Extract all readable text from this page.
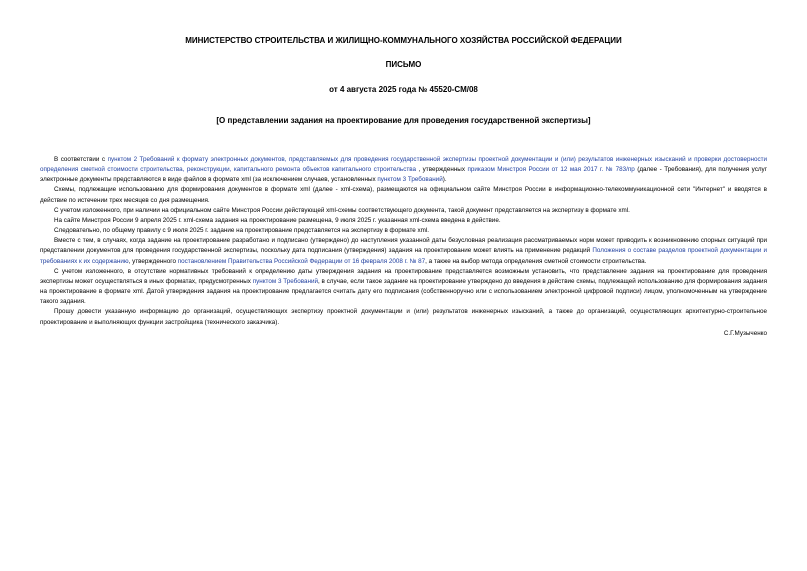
МИНИСТЕРСТВО СТРОИТЕЛЬСТВА И ЖИЛИЩНО-КОММУНАЛЬНОГО ХОЗЯЙСТВА РОССИЙСКОЙ ФЕДЕРАЦИИ
ПИСЬМО
от 4 августа 2025 года № 45520-СМ/08
[О представлении задания на проектирование для проведения государственной экспертизы]

В соответствии с пунктом 2 Требований к формату электронных документов, представляемых для проведения государственной экспертизы проектной документации и (или) результатов инженерных изысканий и проверки достоверности определения сметной стоимости строительства, реконструкции, капитального ремонта объектов капитального строительства , утвержденных приказом Минстроя России от 12 мая 2017 г. № 783/пр (далее - Требования), для получения услуг электронные документы представляются в виде файлов в формате xml (за исключением случаев, установленных пунктом 3 Требований).

Схемы, подлежащие использованию для формирования документов в формате xml (далее - xml-схема), размещаются на официальном сайте Минстроя России в информационно-телекоммуникационной сети "Интернет" и вводятся в действие по истечении трех месяцев со дня размещения.

С учетом изложенного, при наличии на официальном сайте Минстроя России действующей xml-схемы соответствующего документа, такой документ представляется на экспертизу в формате xml.

На сайте Минстроя России 9 апреля 2025 г. xml-схема задания на проектирование размещена, 9 июля 2025 г. указанная xml-схема введена в действие.

Следовательно, по общему правилу с 9 июля 2025 г. задание на проектирование представляется на экспертизу в формате xml.

Вместе с тем, в случаях, когда задание на проектирование разработано и подписано (утверждено) до наступления указанной даты безусловная реализация рассматриваемых норм может приводить к возникновению спорных ситуаций при представлении документов для проведения государственной экспертизы, поскольку дата подписания (утверждения) задания на проектирование может влиять на применение редакций Положения о составе разделов проектной документации и требованиях к их содержанию, утвержденного постановлением Правительства Российской Федерации от 16 февраля 2008 г. № 87, а также на выбор метода определения сметной стоимости строительства.

С учетом изложенного, в отсутствие нормативных требований к определению даты утверждения задания на проектирование представляется возможным установить, что представление задания на проектирование для проведения экспертизы может осуществляться в иных форматах, предусмотренных пунктом 3 Требований, в случае, если такое задание на проектирование утверждено до введения в действие схемы, подлежащей использованию для формирования задания на проектирование в формате xml. Датой утверждения задания на проектирование предлагается считать дату его подписания (собственноручно или с использованием электронной цифровой подписи) лицом, уполномоченным на утверждение такого задания.

Прошу довести указанную информацию до организаций, осуществляющих экспертизу проектной документации и (или) результатов инженерных изысканий, а также до организаций, осуществляющих архитектурно-строительное проектирование и выполняющих функции застройщика (технического заказчика).

С.Г.Музыченко
